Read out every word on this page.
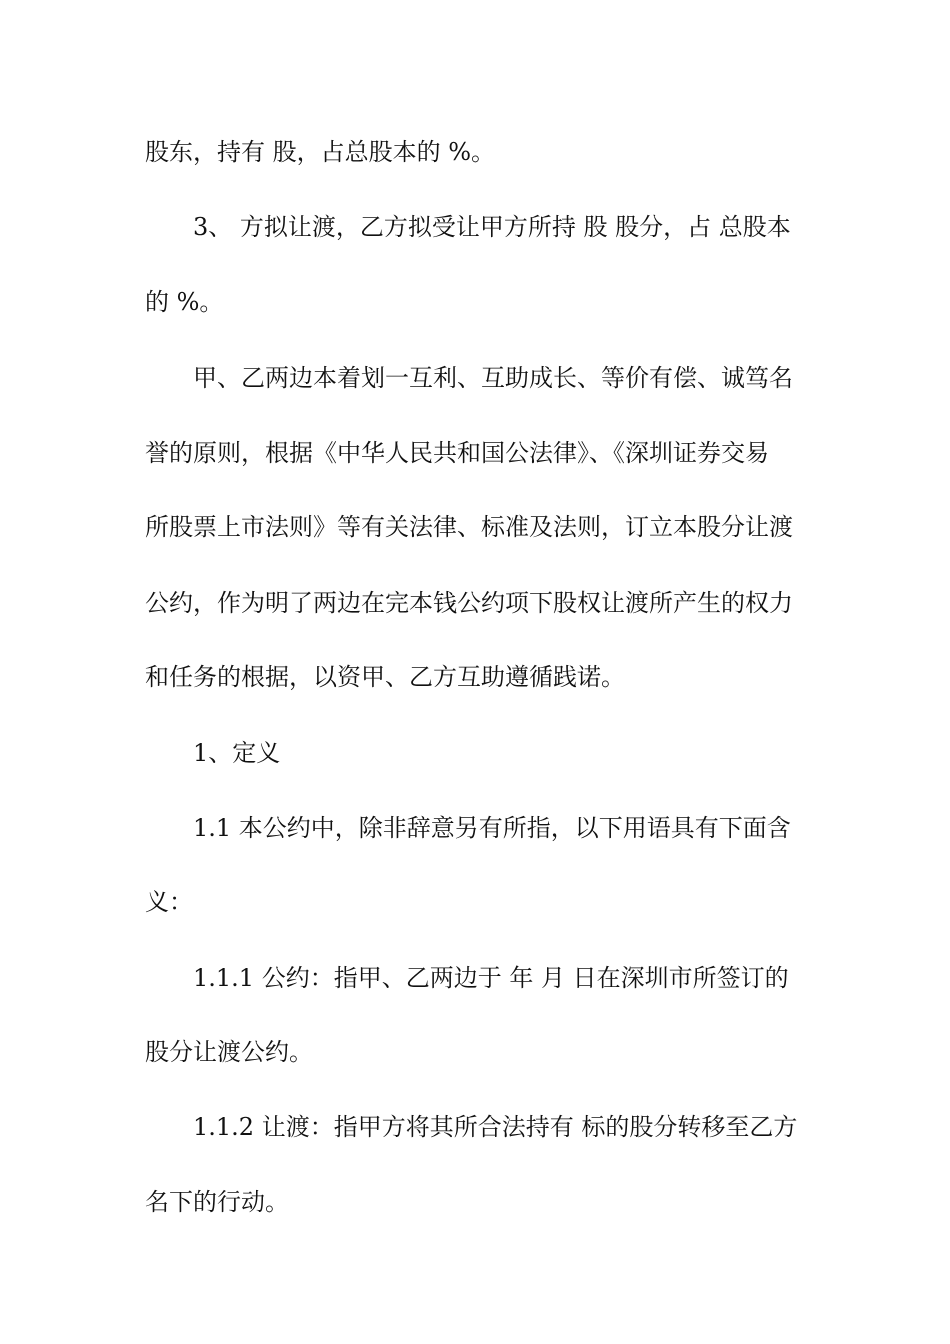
股东，持有 股，占总股本的 %。
3、 方拟让渡，乙方拟受让甲方所持 股 股分，占 总股本
的 %。
甲、乙两边本着划一互利、互助成长、等价有偿、诚笃名
誉的原则，根据《中华人民共和国公法律》、《深圳证券交易
所股票上市法则》等有关法律、标准及法则，订立本股分让渡
公约，作为明了两边在完本钱公约项下股权让渡所产生的权力
和任务的根据，以资甲、乙方互助遵循践诺。
1、定义
1.1 本公约中，除非辞意另有所指，以下用语具有下面含
义：
1.1.1 公约：指甲、乙两边于 年 月 日在深圳市所签订的
股分让渡公约。
1.1.2 让渡：指甲方将其所合法持有 标的股分转移至乙方
名下的行动。
